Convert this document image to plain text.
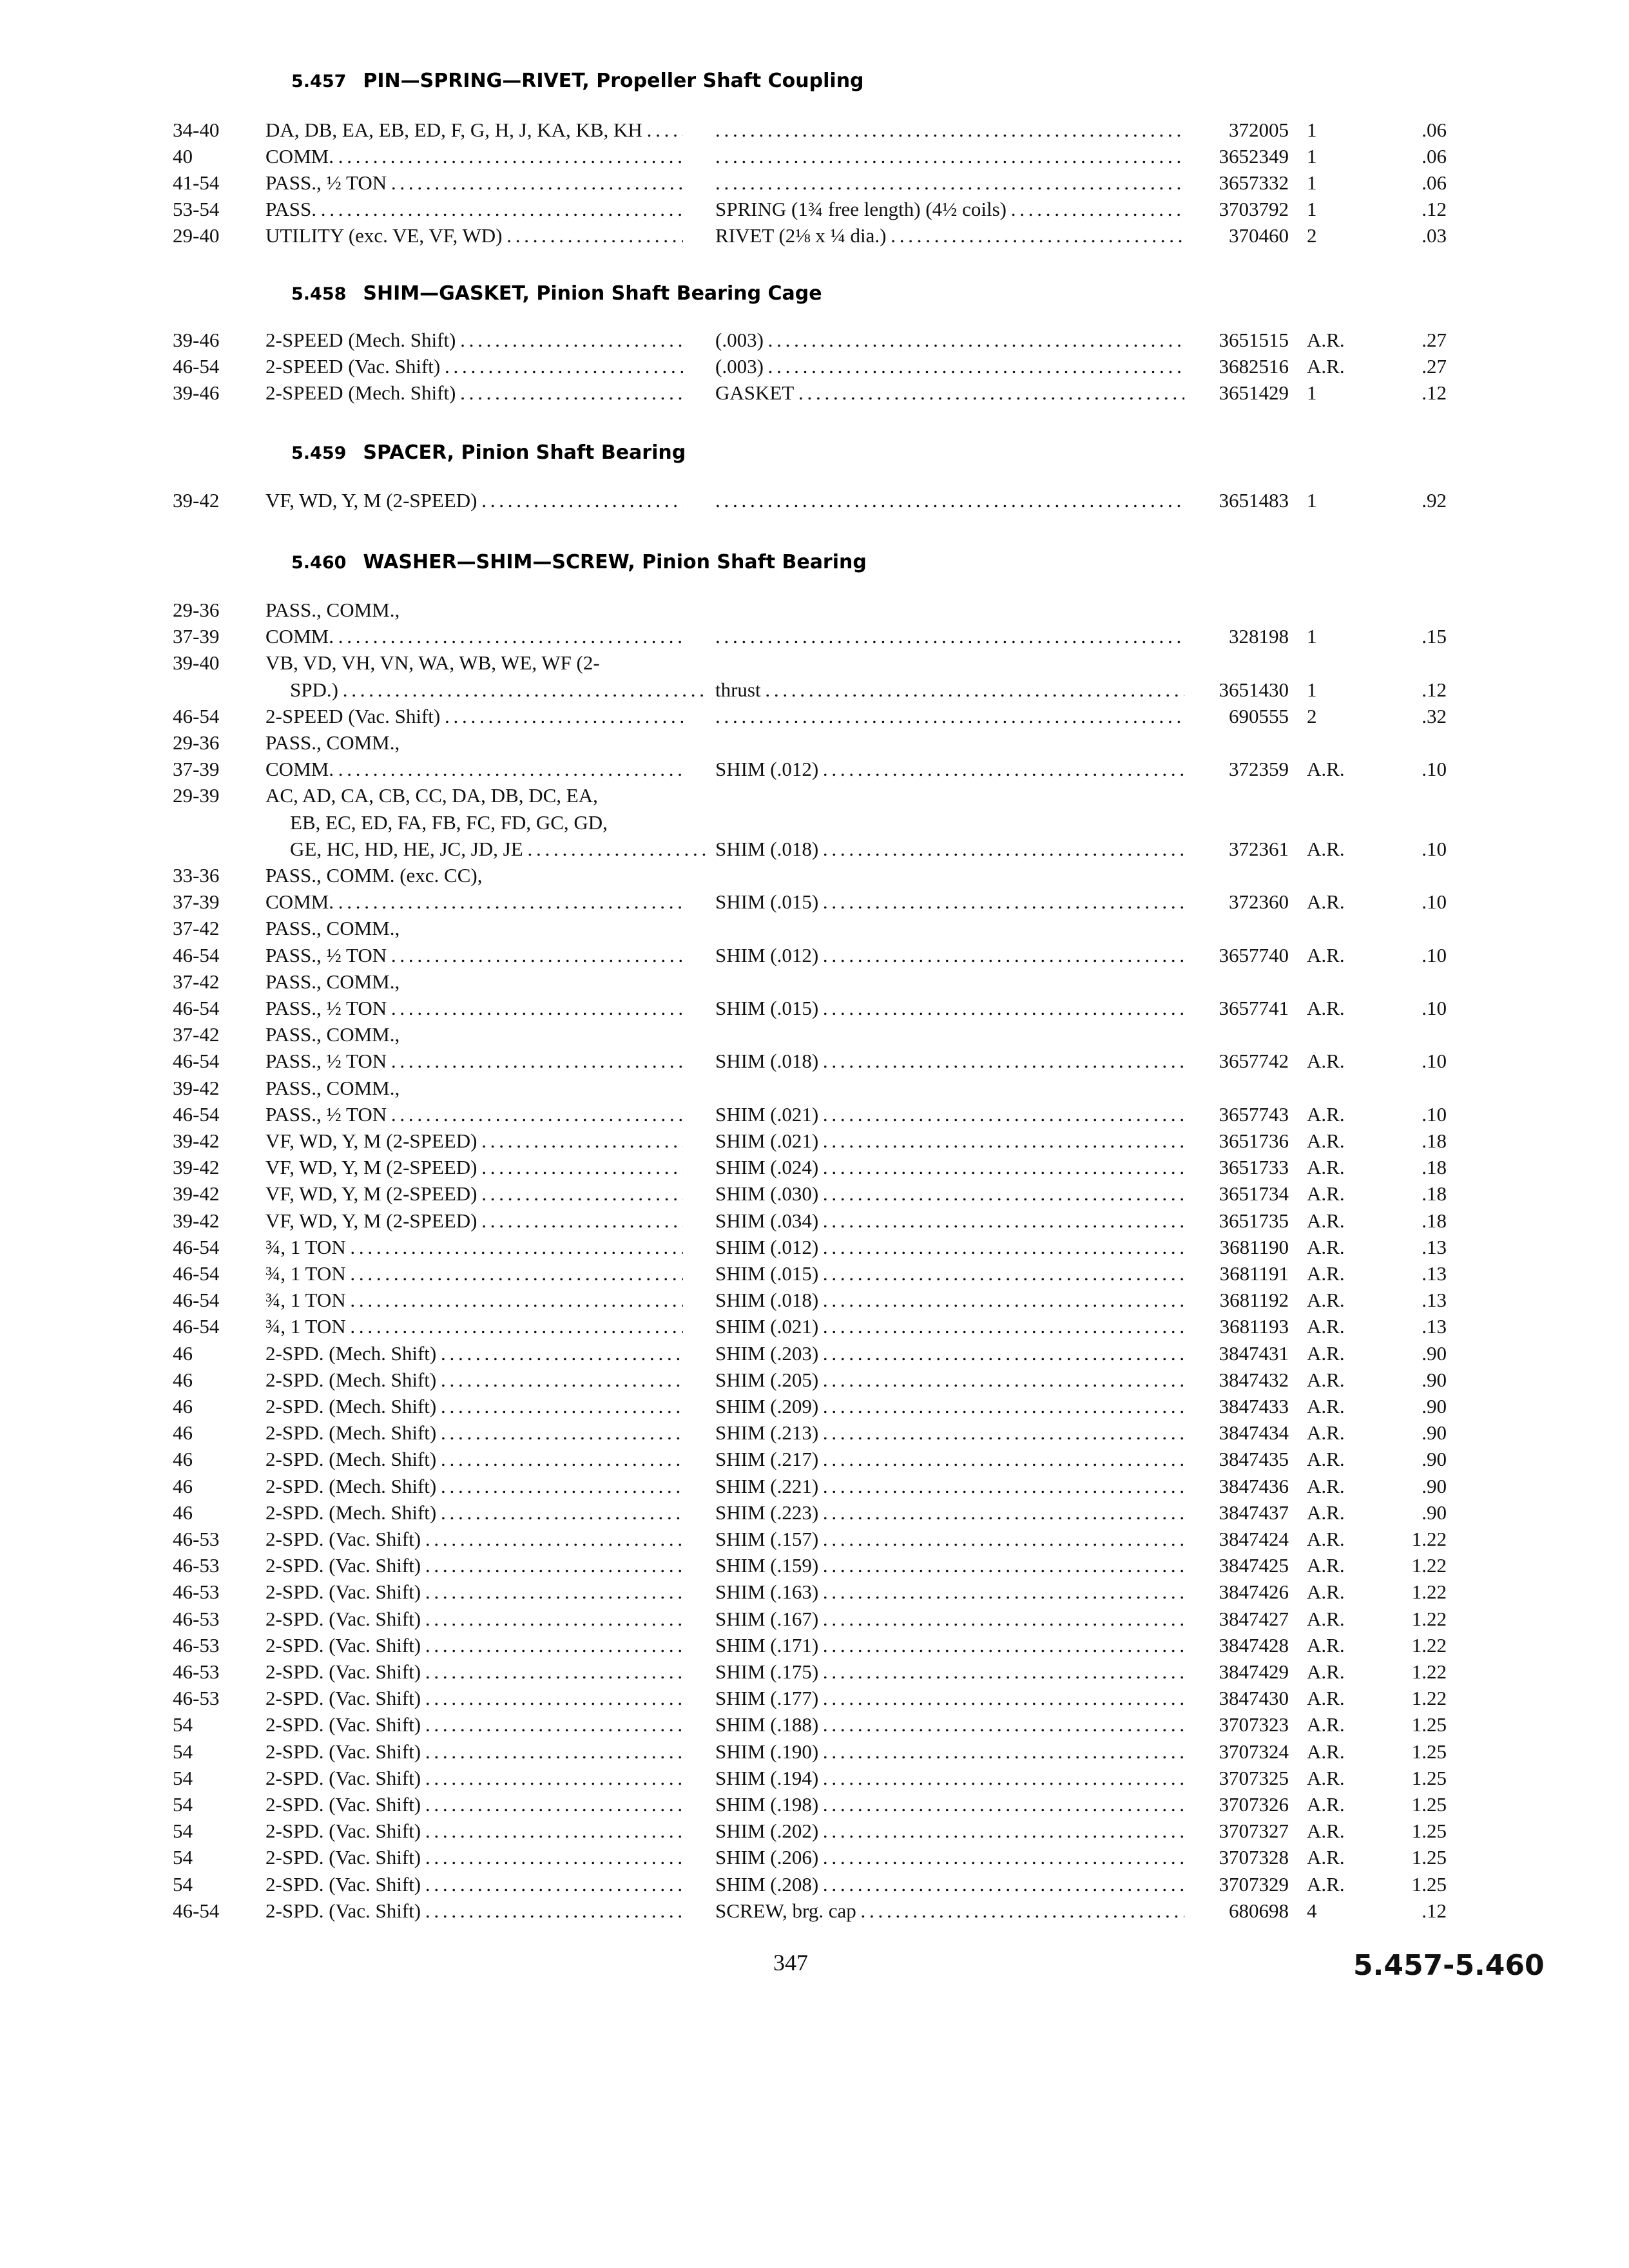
5.457 PIN—SPRING—RIVET, Propeller Shaft Coupling
34-40 DA, DB, EA, EB, ED, F, G, H, J, KA, KB, KH . . . . . .	372005 1	.06
40	COMM. . . . . . .	3652349 1	.06
41-54 PASS., ½ TON . . . . . .	3657332 1	.06
53-54 PASS. . . .	SPRING (1¾ free length) (4½ coils) . . .	3703792 1	.12
29-40 UTILITY (exc. VE, VF, WD) . . .	RIVET (2⅛ x ¼ dia.) . . .	370460 2	.03
5.458 SHIM—GASKET, Pinion Shaft Bearing Cage
39-46 2-SPEED (Mech. Shift) . . .	(.003) . . .	3651515 A.R.	.27
46-54 2-SPEED (Vac. Shift) . . .	(.003) . . .	3682516 A.R.	.27
39-46 2-SPEED (Mech. Shift) . . .	GASKET . . .	3651429 1	.12
5.459 SPACER, Pinion Shaft Bearing
39-42 VF, WD, Y, M (2-SPEED) . . . . . .	3651483 1	.92
5.460 WASHER—SHIM—SCREW, Pinion Shaft Bearing
29-36 PASS., COMM.,
37-39 COMM. . . . . . .	328198 1	.15
39-40 VB, VD, VH, VN, WA, WB, WE, WF (2-
SPD.) . . .	thrust . . .	3651430 1	.12
46-54 2-SPEED (Vac. Shift) . . . . . .	690555 2	.32
29-36 PASS., COMM.,
37-39 COMM. . . .	SHIM (.012) . . .	372359 A.R.	.10
29-39 AC, AD, CA, CB, CC, DA, DB, DC, EA,
EB, EC, ED, FA, FB, FC, FD, GC, GD,
GE, HC, HD, HE, JC, JD, JE . . .	SHIM (.018) . . .	372361 A.R.	.10
33-36 PASS., COMM. (exc. CC),
37-39 COMM. . . .	SHIM (.015) . . .	372360 A.R.	.10
37-42 PASS., COMM.,
46-54 PASS., ½ TON . . .	SHIM (.012) . . .	3657740 A.R.	.10
37-42 PASS., COMM.,
46-54 PASS., ½ TON . . .	SHIM (.015) . . .	3657741 A.R.	.10
37-42 PASS., COMM.,
46-54 PASS., ½ TON . . .	SHIM (.018) . . .	3657742 A.R.	.10
39-42 PASS., COMM.,
46-54 PASS., ½ TON . . .	SHIM (.021) . . .	3657743 A.R.	.10
39-42 VF, WD, Y, M (2-SPEED) . . .	SHIM (.021) . . .	3651736 A.R.	.18
39-42 VF, WD, Y, M (2-SPEED) . . .	SHIM (.024) . . .	3651733 A.R.	.18
39-42 VF, WD, Y, M (2-SPEED) . . .	SHIM (.030) . . .	3651734 A.R.	.18
39-42 VF, WD, Y, M (2-SPEED) . . .	SHIM (.034) . . .	3651735 A.R.	.18
46-54 ¾, 1 TON . . .	SHIM (.012) . . .	3681190 A.R.	.13
46-54 ¾, 1 TON . . .	SHIM (.015) . . .	3681191 A.R.	.13
46-54 ¾, 1 TON . . .	SHIM (.018) . . .	3681192 A.R.	.13
46-54 ¾, 1 TON . . .	SHIM (.021) . . .	3681193 A.R.	.13
46	2-SPD. (Mech. Shift) . . .	SHIM (.203) . . .	3847431 A.R.	.90
46	2-SPD. (Mech. Shift) . . .	SHIM (.205) . . .	3847432 A.R.	.90
46	2-SPD. (Mech. Shift) . . .	SHIM (.209) . . .	3847433 A.R.	.90
46	2-SPD. (Mech. Shift) . . .	SHIM (.213) . . .	3847434 A.R.	.90
46	2-SPD. (Mech. Shift) . . .	SHIM (.217) . . .	3847435 A.R.	.90
46	2-SPD. (Mech. Shift) . . .	SHIM (.221) . . .	3847436 A.R.	.90
46	2-SPD. (Mech. Shift) . . .	SHIM (.223) . . .	3847437 A.R.	.90
46-53 2-SPD. (Vac. Shift) . . .	SHIM (.157) . . .	3847424 A.R.	1.22
46-53 2-SPD. (Vac. Shift) . . .	SHIM (.159) . . .	3847425 A.R.	1.22
46-53 2-SPD. (Vac. Shift) . . .	SHIM (.163) . . .	3847426 A.R.	1.22
46-53 2-SPD. (Vac. Shift) . . .	SHIM (.167) . . .	3847427 A.R.	1.22
46-53 2-SPD. (Vac. Shift) . . .	SHIM (.171) . . .	3847428 A.R.	1.22
46-53 2-SPD. (Vac. Shift) . . .	SHIM (.175) . . .	3847429 A.R.	1.22
46-53 2-SPD. (Vac. Shift) . . .	SHIM (.177) . . .	3847430 A.R.	1.22
54	2-SPD. (Vac. Shift) . . .	SHIM (.188) . . .	3707323 A.R.	1.25
54	2-SPD. (Vac. Shift) . . .	SHIM (.190) . . .	3707324 A.R.	1.25
54	2-SPD. (Vac. Shift) . . .	SHIM (.194) . . .	3707325 A.R.	1.25
54	2-SPD. (Vac. Shift) . . .	SHIM (.198) . . .	3707326 A.R.	1.25
54	2-SPD. (Vac. Shift) . . .	SHIM (.202) . . .	3707327 A.R.	1.25
54	2-SPD. (Vac. Shift) . . .	SHIM (.206) . . .	3707328 A.R.	1.25
54	2-SPD. (Vac. Shift) . . .	SHIM (.208) . . .	3707329 A.R.	1.25
46-54 2-SPD. (Vac. Shift) . . .	SCREW, brg. cap . . .	680698 4	.12
347	5.457-5.460
